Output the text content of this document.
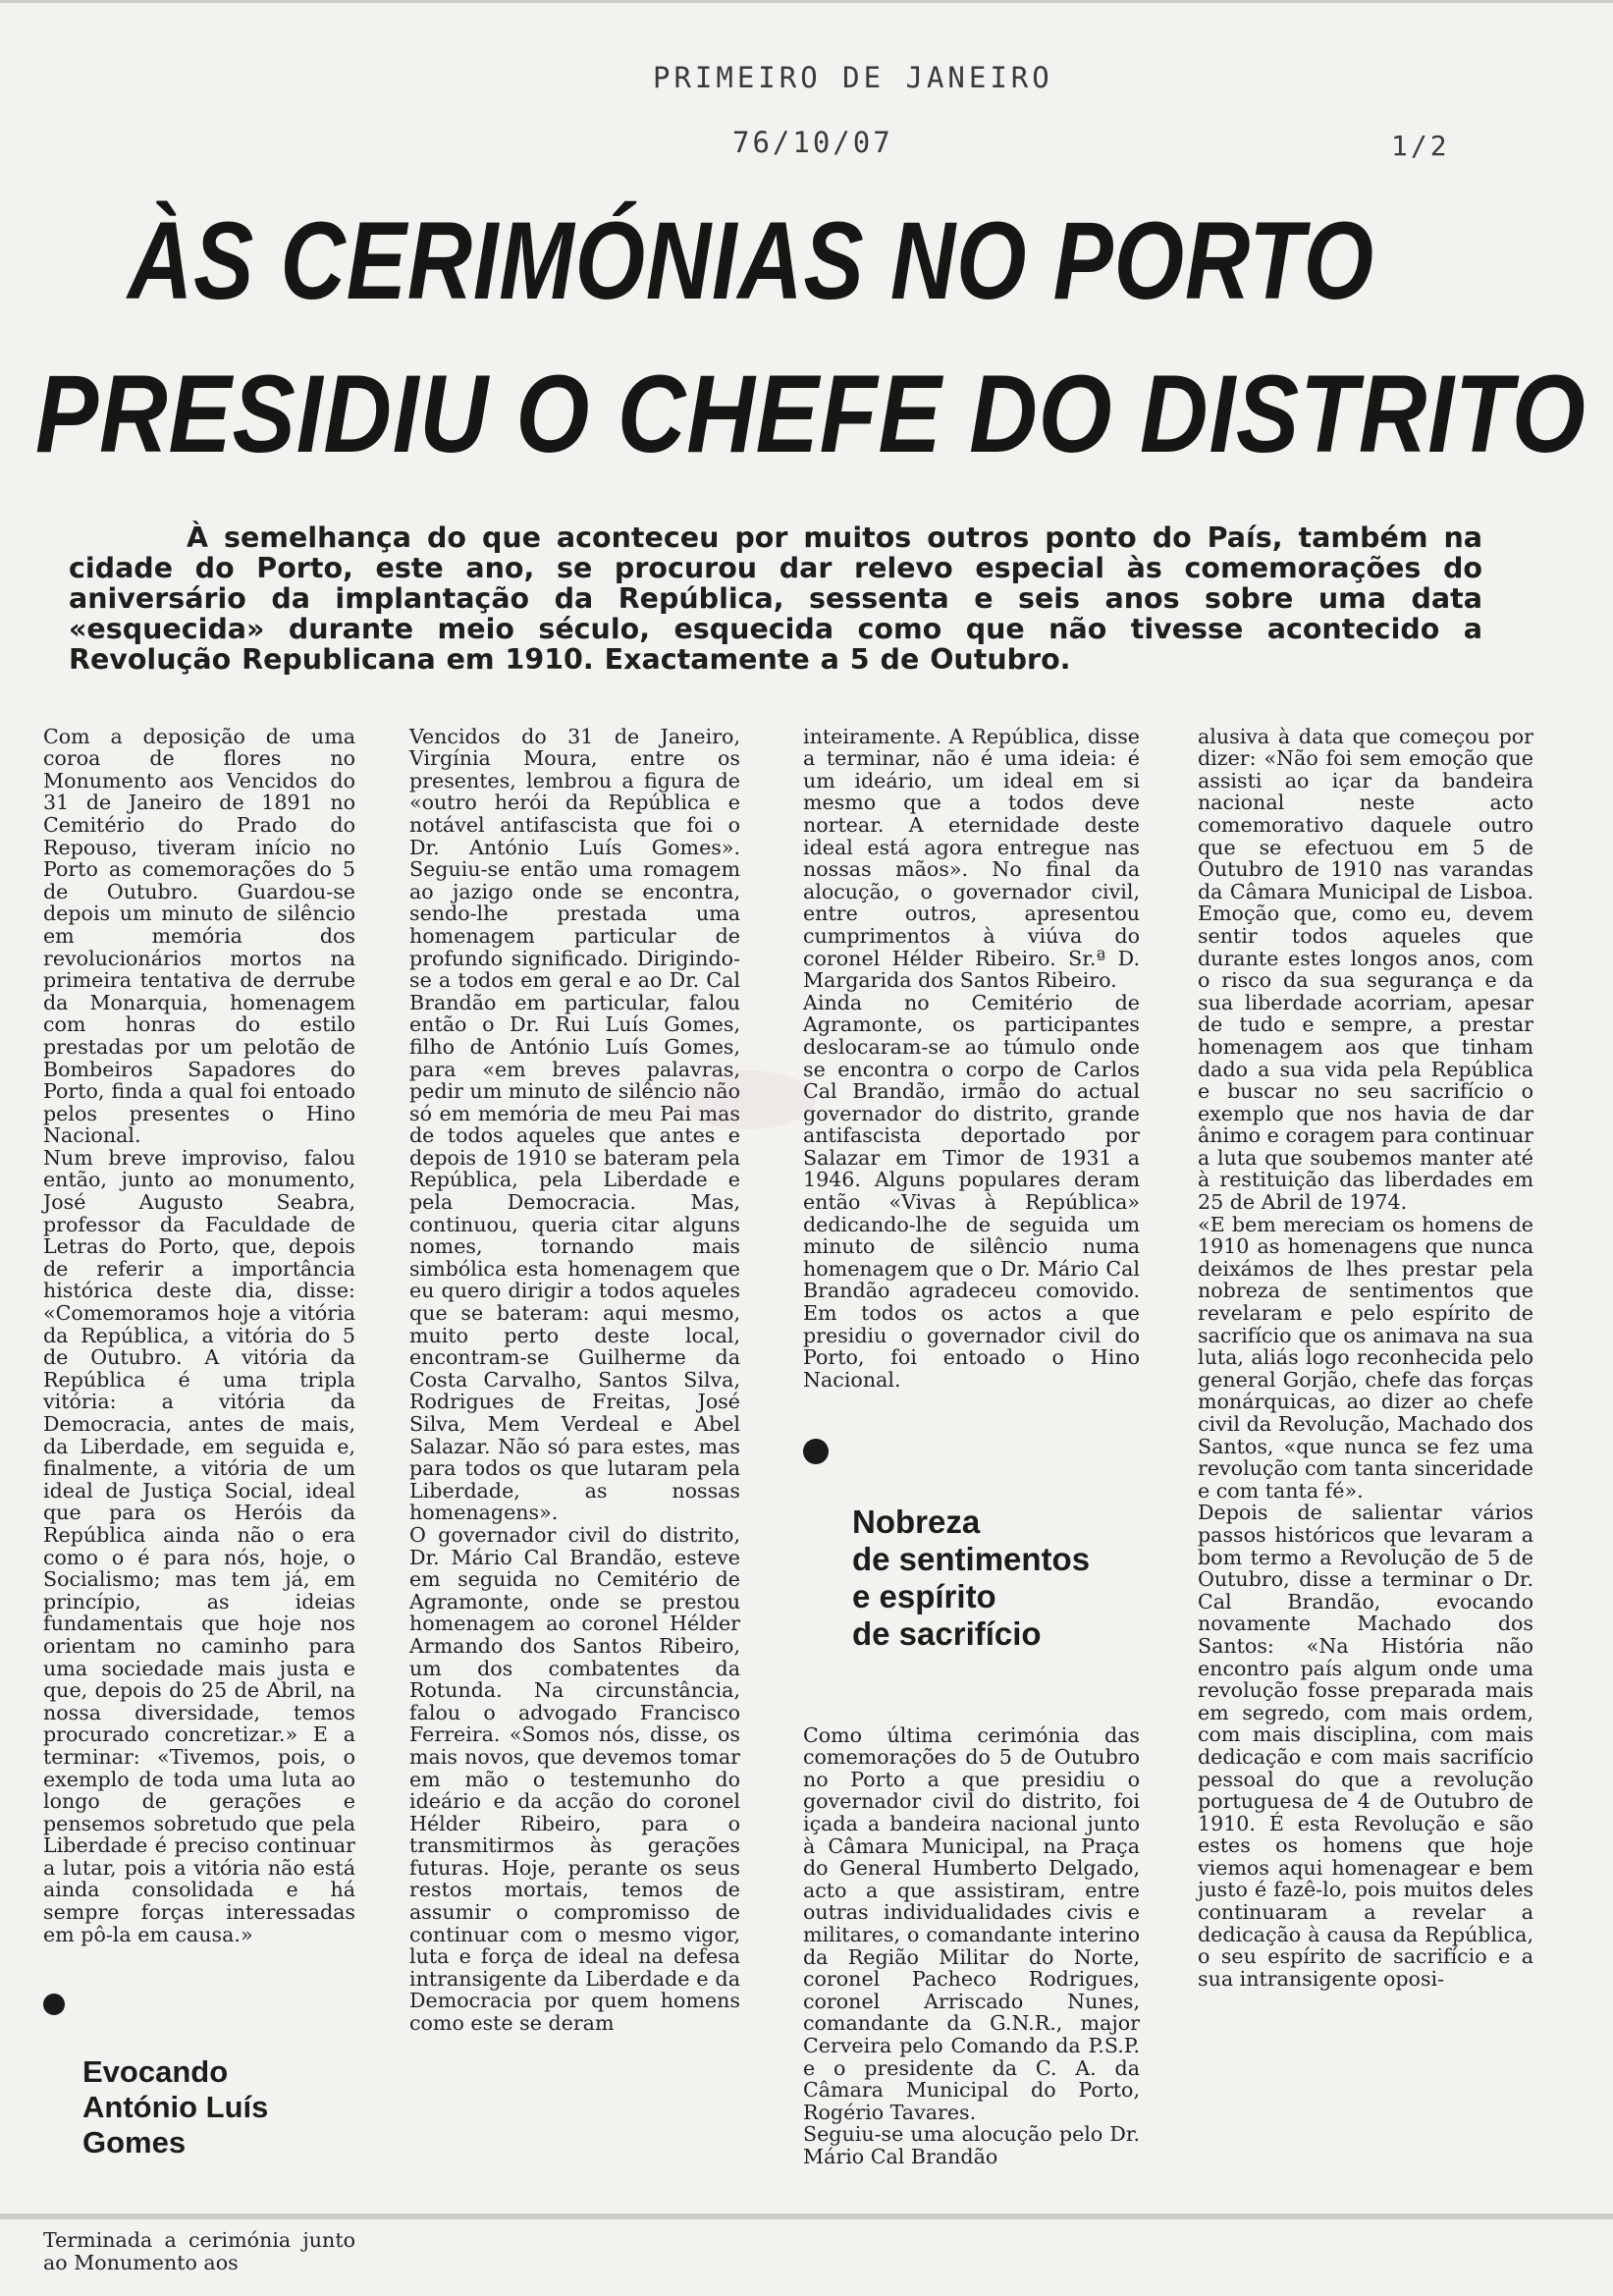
PRIMEIRO DE JANEIRO
76/10/07	1/2
ÀS CERIMÓNIAS NO PORTO
PRESIDIU O CHEFE DO DISTRITO
À semelhança do que aconteceu por muitos outros ponto do País, também na cidade do Porto, este ano, se procurou dar relevo especial às comemorações do aniversário da implantação da República, sessenta e seis anos sobre uma data «esquecida» durante meio século, esquecida como que não tivesse acontecido a Revolução Republicana em 1910. Exactamente a 5 de Outubro.

Com a deposição de uma coroa de flores no Monumento aos Vencidos do 31 de Janeiro de 1891 no Cemitério do Prado do Repouso, tiveram início no Porto as comemorações do 5 de Outubro. Guardou-se depois um minuto de silêncio em memória dos revolucionários mortos na primeira tentativa de derrube da Monarquia, homenagem com honras do estilo prestadas por um pelotão de Bombeiros Sapadores do Porto, finda a qual foi entoado pelos presentes o Hino Nacional.
Num breve improviso, falou então, junto ao monumento, José Augusto Seabra, professor da Faculdade de Letras do Porto, que, depois de referir a importância histórica deste dia, disse: «Comemoramos hoje a vitória da República, a vitória do 5 de Outubro. A vitória da República é uma tripla vitória: a vitória da Democracia, antes de mais, da Liberdade, em seguida e, finalmente, a vitória de um ideal de Justiça Social, ideal que para os Heróis da República ainda não o era como o é para nós, hoje, o Socialismo; mas tem já, em princípio, as ideias fundamentais que hoje nos orientam no caminho para uma sociedade mais justa e que, depois do 25 de Abril, na nossa diversidade, temos procurado concretizar.» E a terminar: «Tivemos, pois, o exemplo de toda uma luta ao longo de gerações e pensemos sobretudo que pela Liberdade é preciso continuar a lutar, pois a vitória não está ainda consolidada e há sempre forças interessadas em pô-la em causa.»

Evocando
António Luís
Gomes

Terminada a cerimónia junto ao Monumento aos

Vencidos do 31 de Janeiro, Virgínia Moura, entre os presentes, lembrou a figura de «outro herói da República e notável antifascista que foi o Dr. António Luís Gomes». Seguiu-se então uma romagem ao jazigo onde se encontra, sendo-lhe prestada uma homenagem particular de profundo significado. Dirigindo-se a todos em geral e ao Dr. Cal Brandão em particular, falou então o Dr. Rui Luís Gomes, filho de António Luís Gomes, para «em breves palavras, pedir um minuto de silêncio não só em memória de meu Pai mas de todos aqueles que antes e depois de 1910 se bateram pela República, pela Liberdade e pela Democracia. Mas, continuou, queria citar alguns nomes, tornando mais simbólica esta homenagem que eu quero dirigir a todos aqueles que se bateram: aqui mesmo, muito perto deste local, encontram-se Guilherme da Costa Carvalho, Santos Silva, Rodrigues de Freitas, José Silva, Mem Verdeal e Abel Salazar. Não só para estes, mas para todos os que lutaram pela Liberdade, as nossas homenagens».
O governador civil do distrito, Dr. Mário Cal Brandão, esteve em seguida no Cemitério de Agramonte, onde se prestou homenagem ao coronel Hélder Armando dos Santos Ribeiro, um dos combatentes da Rotunda. Na circunstância, falou o advogado Francisco Ferreira. «Somos nós, disse, os mais novos, que devemos tomar em mão o testemunho do ideário e da acção do coronel Hélder Ribeiro, para o transmitirmos às gerações futuras. Hoje, perante os seus restos mortais, temos de assumir o compromisso de continuar com o mesmo vigor, luta e força de ideal na defesa intransigente da Liberdade e da Democracia por quem homens como este se deram

inteiramente. A República, disse a terminar, não é uma ideia: é um ideário, um ideal em si mesmo que a todos deve nortear. A eternidade deste ideal está agora entregue nas nossas mãos». No final da alocução, o governador civil, entre outros, apresentou cumprimentos à viúva do coronel Hélder Ribeiro. Sr.ª D. Margarida dos Santos Ribeiro.
Ainda no Cemitério de Agramonte, os participantes deslocaram-se ao túmulo onde se encontra o corpo de Carlos Cal Brandão, irmão do actual governador do distrito, grande antifascista deportado por Salazar em Timor de 1931 a 1946. Alguns populares deram então «Vivas à República» dedicando-lhe de seguida um minuto de silêncio numa homenagem que o Dr. Mário Cal Brandão agradeceu comovido. Em todos os actos a que presidiu o governador civil do Porto, foi entoado o Hino Nacional.

Nobreza
de sentimentos
e espírito
de sacrifício

Como última cerimónia das comemorações do 5 de Outubro no Porto a que presidiu o governador civil do distrito, foi içada a bandeira nacional junto à Câmara Municipal, na Praça do General Humberto Delgado, acto a que assistiram, entre outras individualidades civis e militares, o comandante interino da Região Militar do Norte, coronel Pacheco Rodrigues, coronel Arriscado Nunes, comandante da G.N.R., major Cerveira pelo Comando da P.S.P. e o presidente da C. A. da Câmara Municipal do Porto, Rogério Tavares.
Seguiu-se uma alocução pelo Dr. Mário Cal Brandão

alusiva à data que começou por dizer: «Não foi sem emoção que assisti ao içar da bandeira nacional neste acto comemorativo daquele outro que se efectuou em 5 de Outubro de 1910 nas varandas da Câmara Municipal de Lisboa. Emoção que, como eu, devem sentir todos aqueles que durante estes longos anos, com o risco da sua segurança e da sua liberdade acorriam, apesar de tudo e sempre, a prestar homenagem aos que tinham dado a sua vida pela República e buscar no seu sacrifício o exemplo que nos havia de dar ânimo e coragem para continuar a luta que soubemos manter até à restituição das liberdades em 25 de Abril de 1974.
«E bem mereciam os homens de 1910 as homenagens que nunca deixámos de lhes prestar pela nobreza de sentimentos que revelaram e pelo espírito de sacrifício que os animava na sua luta, aliás logo reconhecida pelo general Gorjão, chefe das forças monárquicas, ao dizer ao chefe civil da Revolução, Machado dos Santos, «que nunca se fez uma revolução com tanta sinceridade e com tanta fé».
Depois de salientar vários passos históricos que levaram a bom termo a Revolução de 5 de Outubro, disse a terminar o Dr. Cal Brandão, evocando novamente Machado dos Santos: «Na História não encontro país algum onde uma revolução fosse preparada mais em segredo, com mais ordem, com mais disciplina, com mais dedicação e com mais sacrifício pessoal do que a revolução portuguesa de 4 de Outubro de 1910. É esta Revolução e são estes os homens que hoje viemos aqui homenagear e bem justo é fazê-lo, pois muitos deles continuaram a revelar a dedicação à causa da República, o seu espírito de sacrifício e a sua intransigente oposi-
